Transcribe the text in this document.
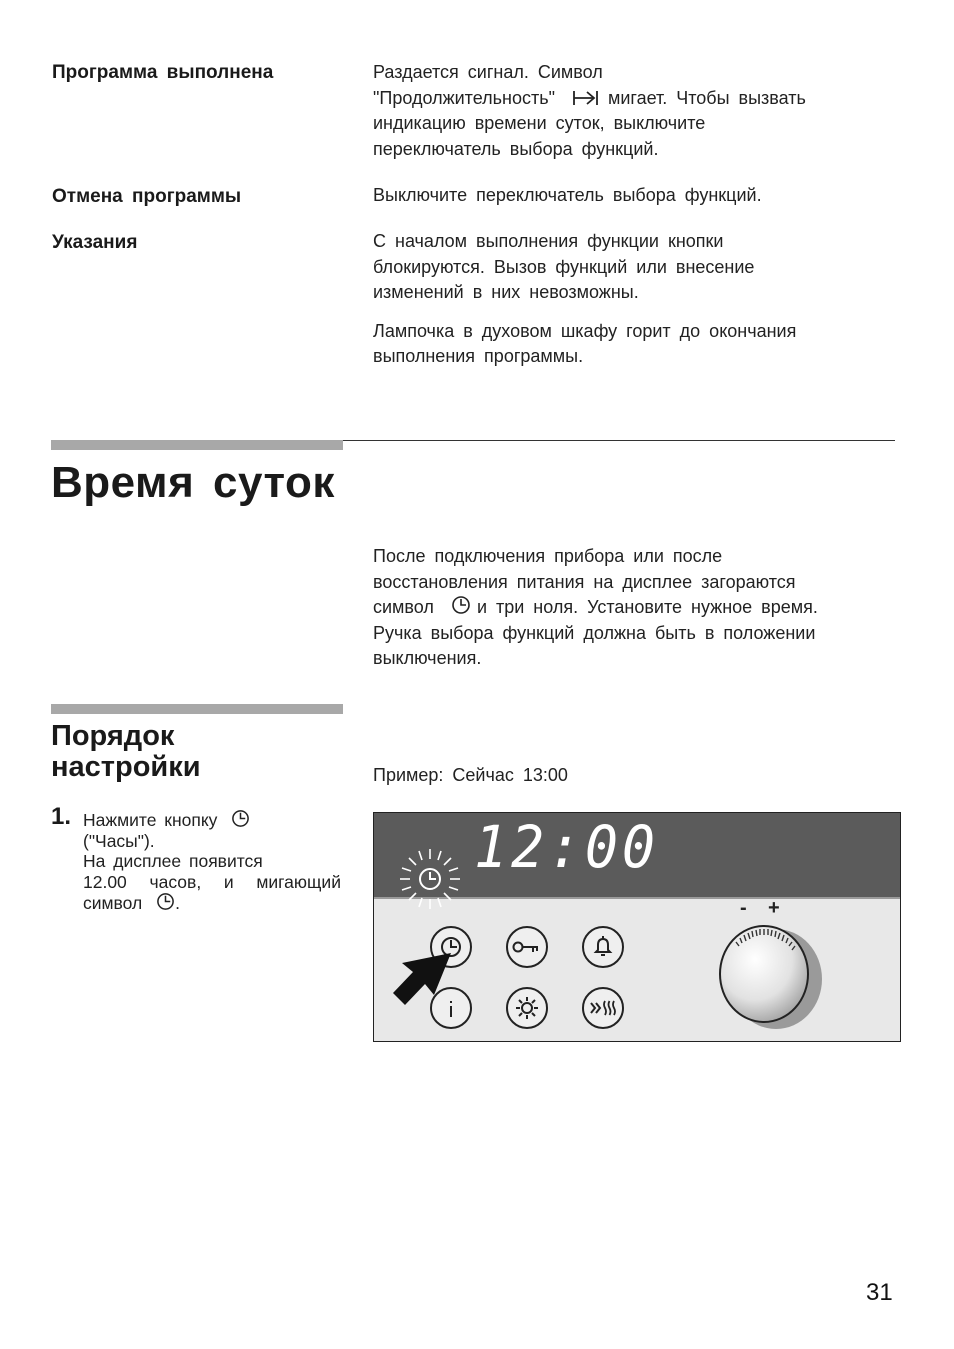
Программа выполнена	Раздается сигнал. Символ

"Продолжительность"	мигает. Чтобы вызвать

индикацию времени суток, выключите

переключатель выбора функций.

Отмена программы	Выключите переключатель выбора функций.

Указания	С началом выполнения функции кнопки

блокируются. Вызов функций или внесение

изменений в них невозможны.

Лампочка в духовом шкафу горит до окончания

выполнения программы.

Время суток

После подключения прибора или после

восстановления питания на дисплее загораются

символ и три ноля. Установите нужное время.

Ручка выбора функций должна быть в положении

выключения.

Порядок
настройки	Пример: Сейчас 13:00
1. Нажмите кнопку
("Часы").
На дисплее появится
12.00 часов, и мигающий
символ .
12:00
- +
31
